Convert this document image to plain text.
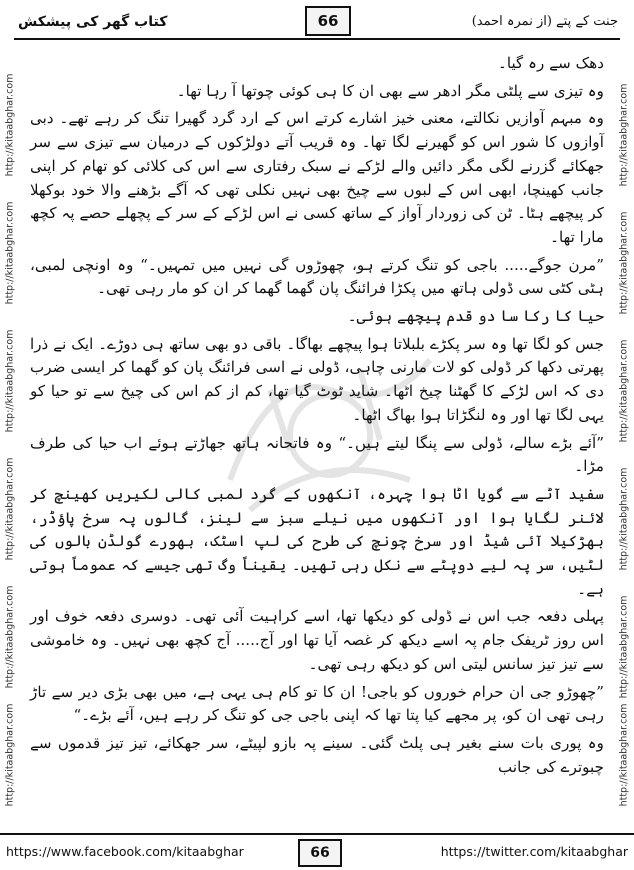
کتاب گھر کی پیشکش	66	جنت کے پتے (از نمرہ احمد)
http://kitaabghar.com
http://kitaabghar.com
http://kitaabghar.com
http://kitaabghar.com
http://kitaabghar.com
http://kitaabghar.com
http://kitaabghar.com
http://kitaabghar.com
http://kitaabghar.com
http://kitaabghar.com
http://kitaabghar.com
http://kitaabghar.com

دھک سے رہ گیا۔

وہ تیزی سے پلٹی مگر ادھر سے بھی ان کا ہی کوئی چوتھا آ رہا تھا۔

وہ مبہم آوازیں نکالتے، معنی خیز اشارے کرتے اس کے ارد گرد گھیرا تنگ کر رہے تھے۔ دبی آوازوں کا شور اس کو گھیرنے لگا تھا۔ وہ قریب آتے دولڑکوں کے درمیان سے تیزی سے سر جھکائے گزرنے لگی مگر دائیں والے لڑکے نے سبک رفتاری سے اس کی کلائی کو تھام کر اپنی جانب کھینچا، ابھی اس کے لبوں سے چیخ بھی نہیں نکلی تھی کہ آگے بڑھنے والا خود بوکھلا کر پیچھے ہٹا۔ ٹن کی زوردار آواز کے ساتھ کسی نے اس لڑکے کے سر کے پچھلے حصے پہ کچھ مارا تھا۔

”مرن جوگے..... باجی کو تنگ کرتے ہو، چھوڑوں گی نہیں میں تمہیں۔“ وہ اونچی لمبی، ہٹی کٹی سی ڈولی ہاتھ میں پکڑا فرائنگ پان گھما گھما کر ان کو مار رہی تھی۔

حیا کا رکا سا دو قدم پیچھے ہوئی۔

جس کو لگا تھا وہ سر پکڑے بلبلاتا ہوا پیچھے بھاگا۔ باقی دو بھی ساتھ ہی دوڑے۔ ایک نے ذرا پھرتی دکھا کر ڈولی کو لات مارنی چاہی، ڈولی نے اسی فرائنگ پان کو گھما کر ایسی ضرب دی کہ اس لڑکے کا گھٹنا چیخ اٹھا۔ شاید ٹوٹ گیا تھا، کم از کم اس کی چیخ سے تو حیا کو یہی لگا تھا اور وہ لنگڑاتا ہوا بھاگ اٹھا۔

”آئے بڑے سالے، ڈولی سے پنگا لیتے ہیں۔“ وہ فاتحانہ ہاتھ جھاڑتے ہوئے اب حیا کی طرف مڑا۔

سفید آٹے سے گویا اٹا ہوا چہرہ، آنکھوں کے گرد لمبی کالی لکیریں کھینچ کر لائنر لگایا ہوا اور آنکھوں میں نیلے سبز سے لینز، گالوں پہ سرخ پاؤڈر، بھڑکیلا آئی شیڈ اور سرخ چونچ کی طرح کی لپ اسٹک، بھورے گولڈن بالوں کی لٹیں، سر پہ لیے دوپٹے سے نکل رہی تھیں۔ یقیناً وگ تھی جیسے کہ عموماً ہوتی ہے۔

پہلی دفعہ جب اس نے ڈولی کو دیکھا تھا، اسے کراہیت آئی تھی۔ دوسری دفعہ خوف اور اس روز ٹریفک جام پہ اسے دیکھ کر غصہ آیا تھا اور آج..... آج کچھ بھی نہیں۔ وہ خاموشی سے تیز تیز سانس لیتی اس کو دیکھ رہی تھی۔

”چھوڑو جی ان حرام خوروں کو باجی! ان کا تو کام ہی یہی ہے، میں بھی بڑی دیر سے تاڑ رہی تھی ان کو، پر مجھے کیا پتا تھا کہ اپنی باجی جی کو تنگ کر رہے ہیں، آئے بڑے۔“

وہ پوری بات سنے بغیر ہی پلٹ گئی۔ سینے پہ بازو لپیٹے، سر جھکائے، تیز تیز قدموں سے چبوترے کی جانب

https://www.facebook.com/kitaabghar	66	https://twitter.com/kitaabghar
